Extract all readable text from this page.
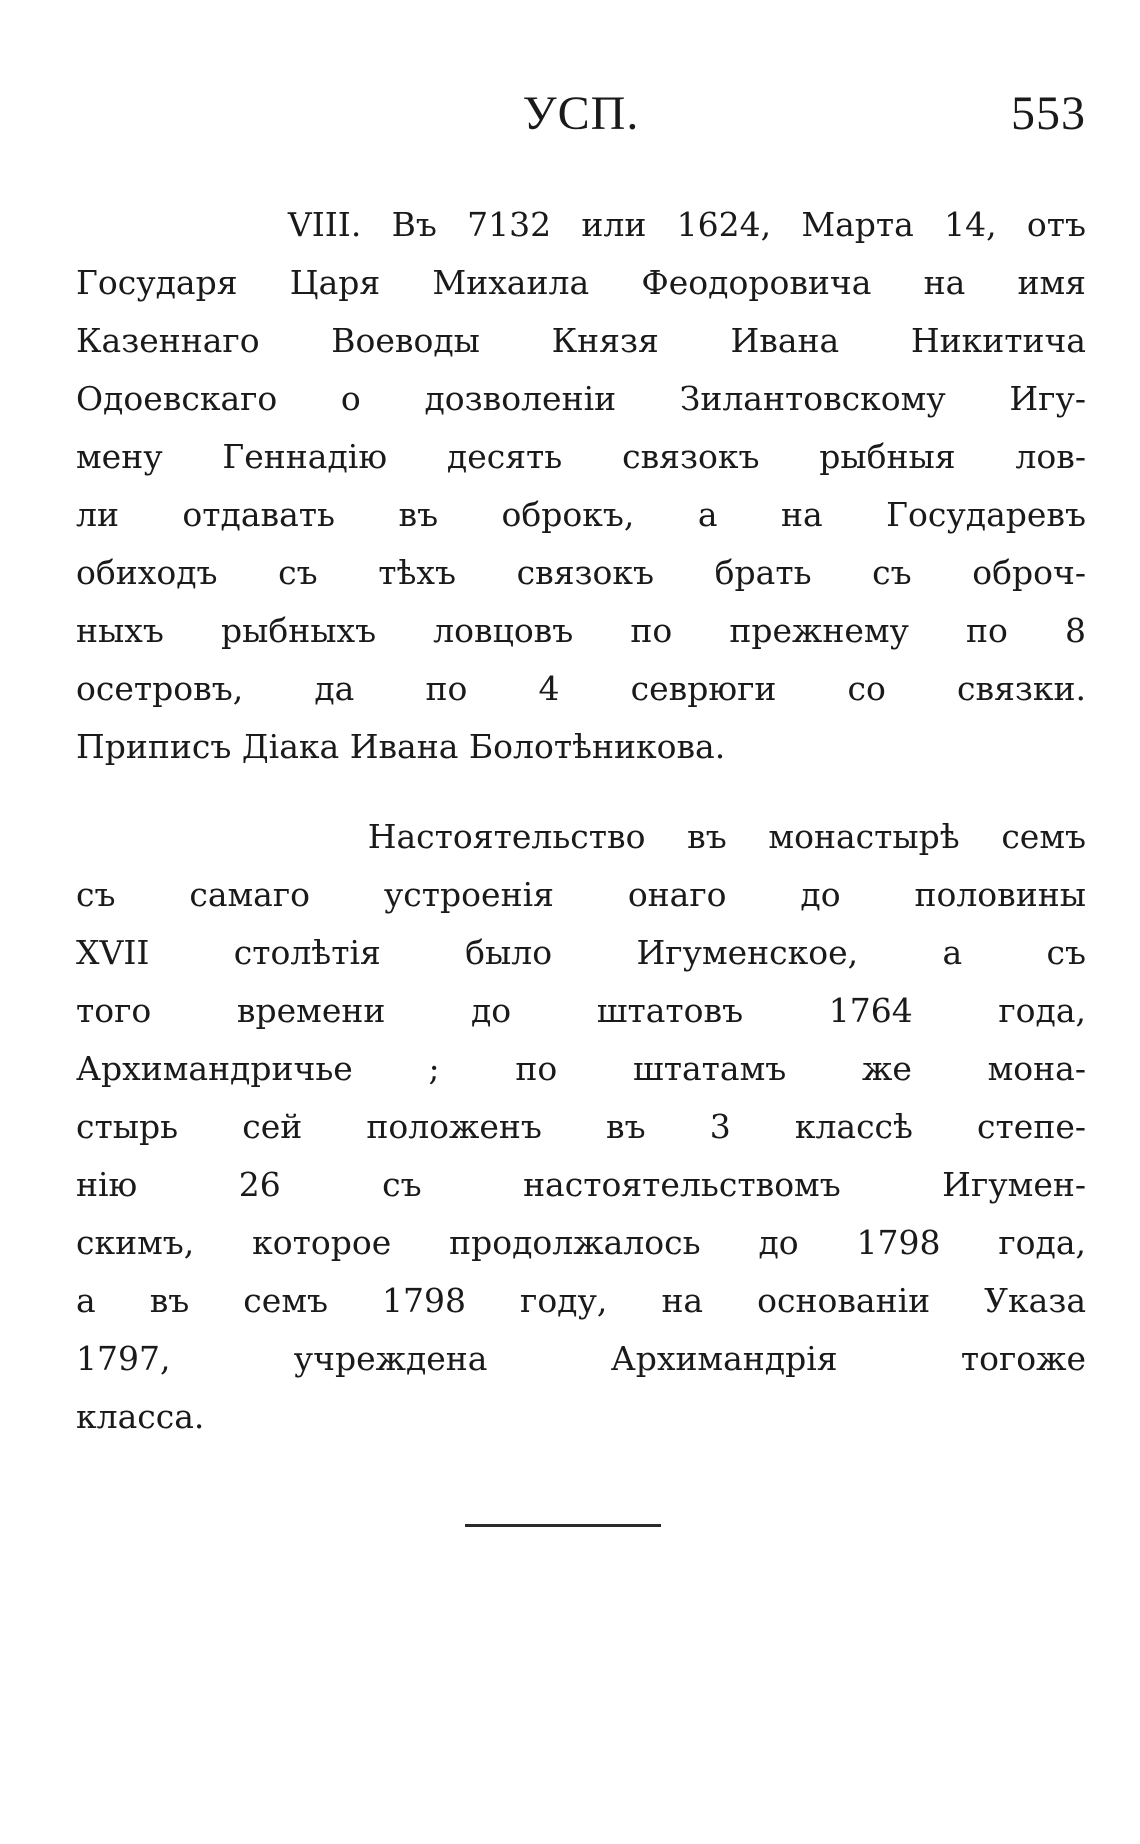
УСП.	553
VIII. Въ 7132 или 1624, Марта 14, отъ
Государя Царя Михаила Феодоровича на имя
Казеннаго Воеводы Князя Ивана Никитича
Одоевскаго о дозволеніи Зилантовскому Игу-
мену Геннадію десять связокъ рыбныя лов-
ли отдавать въ оброкъ, а на Государевъ
обиходъ съ тѣхъ связокъ брать съ оброч-
ныхъ рыбныхъ ловцовъ по прежнему по 8
осетровъ, да по 4 севрюги со связки.
Приписъ Діака Ивана Болотѣникова.
Настоятельство въ монастырѣ семъ
съ самаго устроенія онаго до половины
XVII столѣтія было Игуменское, а съ
того времени до штатовъ 1764 года,
Архимандричье ; по штатамъ же мона-
стырь сей положенъ въ 3 классѣ степе-
нію 26 съ настоятельствомъ Игумен-
скимъ, которое продолжалось до 1798 года,
а въ семъ 1798 году, на основаніи Указа
1797, учреждена Архимандрія тогоже
класса.
